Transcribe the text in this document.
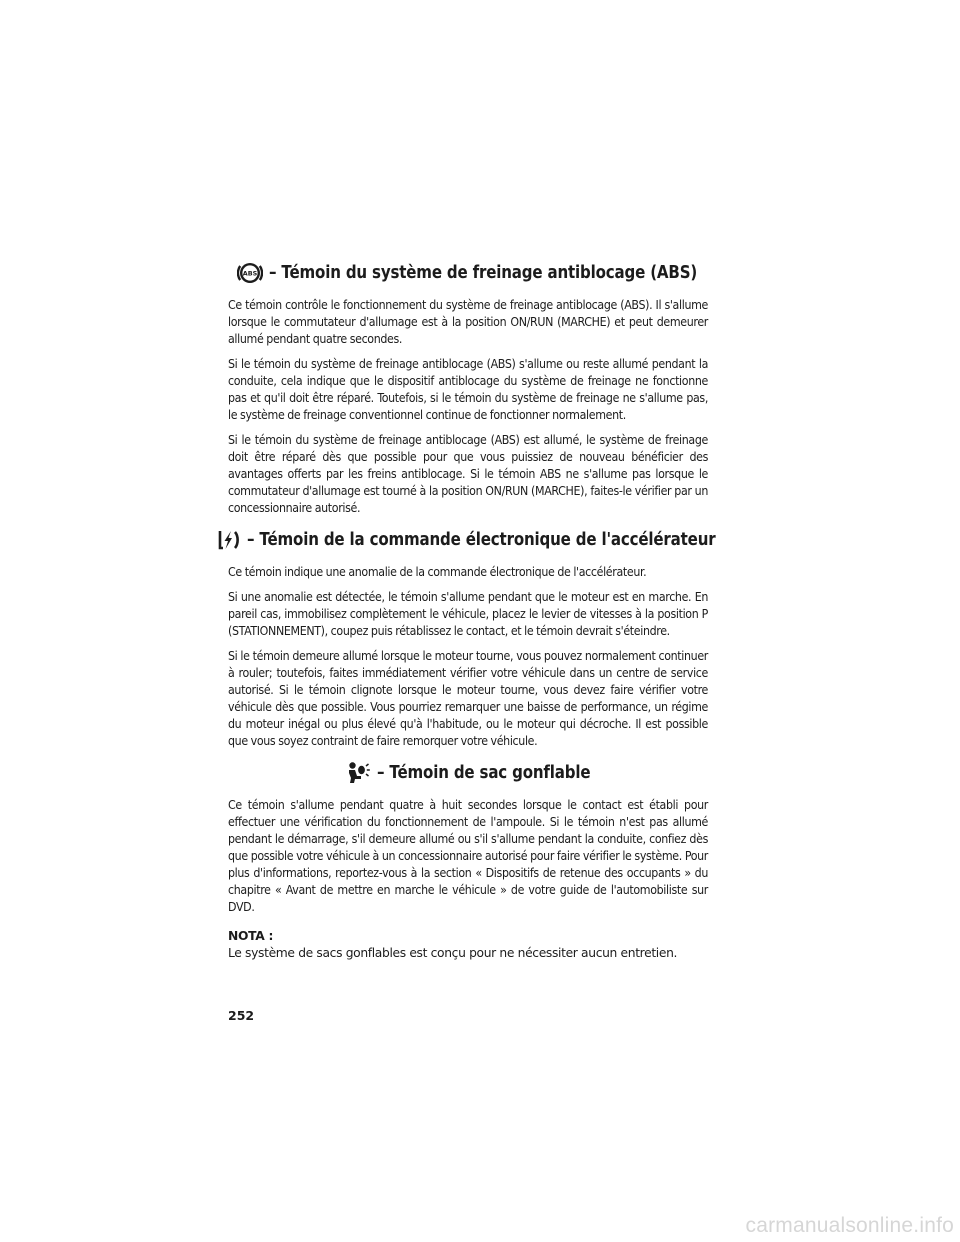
ABS – Témoin du système de freinage antiblocage (ABS)

Ce témoin contrôle le fonctionnement du système de freinage antiblocage (ABS). Il s'allume lorsque le commutateur d'allumage est à la position ON/RUN (MARCHE) et peut demeurer allumé pendant quatre secondes.

Si le témoin du système de freinage antiblocage (ABS) s'allume ou reste allumé pendant la conduite, cela indique que le dispositif antiblocage du système de freinage ne fonctionne pas et qu'il doit être réparé. Toutefois, si le témoin du système de freinage ne s'allume pas, le système de freinage conventionnel continue de fonctionner normalement.

Si le témoin du système de freinage antiblocage (ABS) est allumé, le système de freinage doit être réparé dès que possible pour que vous puissiez de nouveau bénéficier des avantages offerts par les freins antiblocage. Si le témoin ABS ne s'allume pas lorsque le commutateur d'allumage est tourné à la position ON/RUN (MARCHE), faites-le vérifier par un concessionnaire autorisé.

– Témoin de la commande électronique de l'accélérateur

Ce témoin indique une anomalie de la commande électronique de l'accélérateur.

Si une anomalie est détectée, le témoin s'allume pendant que le moteur est en marche. En pareil cas, immobilisez complètement le véhicule, placez le levier de vitesses à la position P (STATIONNEMENT), coupez puis rétablissez le contact, et le témoin devrait s'éteindre.

Si le témoin demeure allumé lorsque le moteur tourne, vous pouvez normalement continuer à rouler; toutefois, faites immédiatement vérifier votre véhicule dans un centre de service autorisé. Si le témoin clignote lorsque le moteur tourne, vous devez faire vérifier votre véhicule dès que possible. Vous pourriez remarquer une baisse de performance, un régime du moteur inégal ou plus élevé qu'à l'habitude, ou le moteur qui décroche. Il est possible que vous soyez contraint de faire remorquer votre véhicule.

– Témoin de sac gonflable

Ce témoin s'allume pendant quatre à huit secondes lorsque le contact est établi pour effectuer une vérification du fonctionnement de l'ampoule. Si le témoin n'est pas allumé pendant le démarrage, s'il demeure allumé ou s'il s'allume pendant la conduite, confiez dès que possible votre véhicule à un concessionnaire autorisé pour faire vérifier le système. Pour plus d'informations, reportez-vous à la section « Dispositifs de retenue des occupants » du chapitre « Avant de mettre en marche le véhicule » de votre guide de l'automobiliste sur DVD.

NOTA :

Le système de sacs gonflables est conçu pour ne nécessiter aucun entretien.

252
carmanualsonline.info
